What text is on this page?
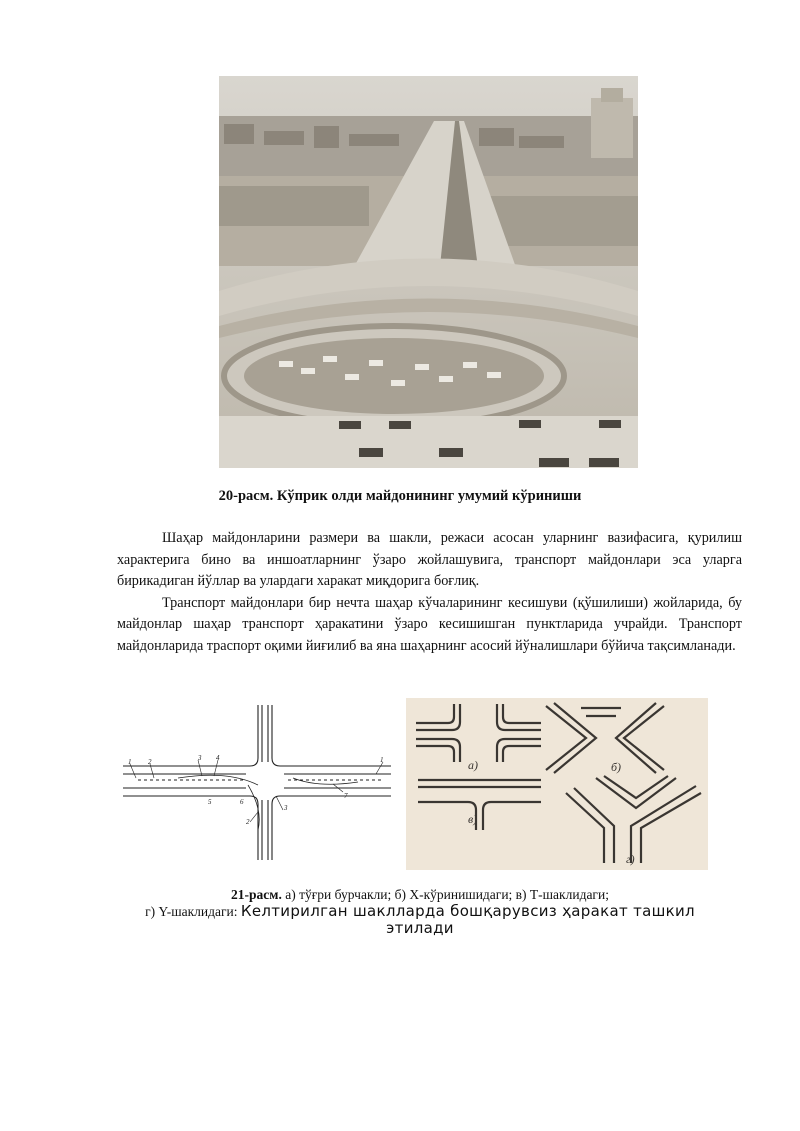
20-расм. Кўприк олди майдонининг умумий кўриниши

Шаҳар майдонларини размери ва шакли, режаси асосан уларнинг вазифасига, қурилиш характерига бино ва иншоатларнинг ўзаро жойлашувига, транспорт майдонлари эса уларга бирикадиган йўллар ва улардаги харакат миқдорига боғлиқ.

Транспорт майдонлари бир нечта шаҳар кўчаларининг кесишуви (қўшилиши) жойларида, бу майдонлар шаҳар транспорт ҳаракатини ўзаро кесишишган пунктларида учрайди. Транспорт майдонларида траспорт оқими йиғилиб ва яна шаҳарнинг асосий йўналишлари бўйича тақсимланади.

1 2	3 4
5	6
7
1
2
3
а)	б)
в)
г)
21-расм. а) тўғри бурчакли; б) Х-кўринишидаги; в) Т-шаклидаги;
г) Y-шаклидаги: Келтирилган шаклларда бошқарувсиз ҳаракат ташкил этилади
